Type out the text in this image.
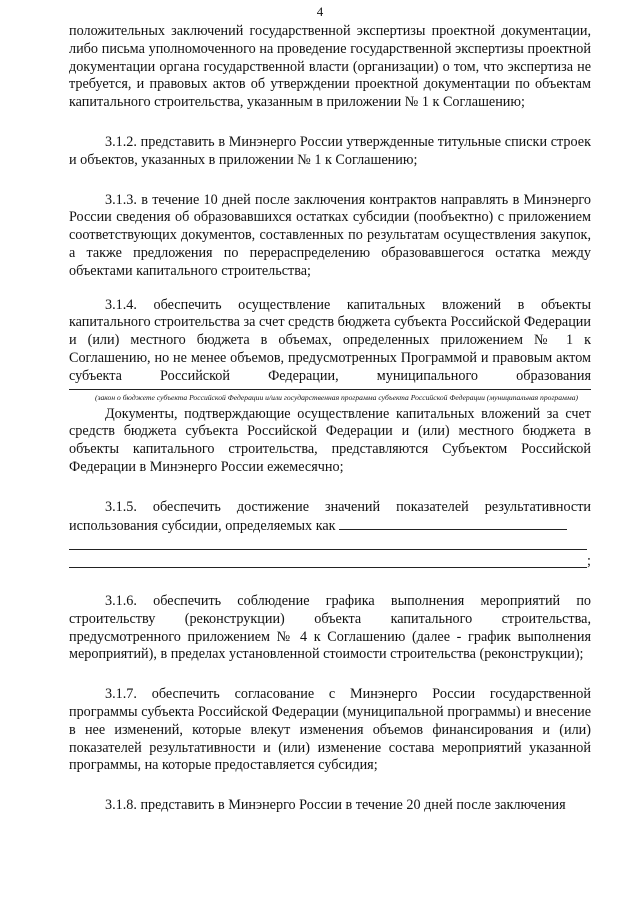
4

положительных заключений государственной экспертизы проектной документации, либо письма уполномоченного на проведение государственной экспертизы проектной документации органа государственной власти (организации) о том, что экспертиза не требуется, и правовых актов об утверждении проектной документации по объектам капитального строительства, указанным в приложении № 1 к Соглашению;

3.1.2. представить в Минэнерго России утвержденные титульные списки строек и объектов, указанных в приложении № 1 к Соглашению;

3.1.3. в течение 10 дней после заключения контрактов направлять в Минэнерго России сведения об образовавшихся остатках субсидии (пообъектно) с приложением соответствующих документов, составленных по результатам осуществления закупок, а также предложения по перераспределению образовавшегося остатка между объектами капитального строительства;

3.1.4. обеспечить осуществление капитальных вложений в объекты капитального строительства за счет средств бюджета субъекта Российской Федерации и (или) местного бюджета в объемах, определенных приложением № 1 к Соглашению, но не менее объемов, предусмотренных Программой и правовым актом субъекта Российской Федерации, муниципального образования

(закон о бюджете субъекта Российской Федерации и/или государственная программа субъекта Российской Федерации (муниципальная программа)

Документы, подтверждающие осуществление капитальных вложений за счет средств бюджета субъекта Российской Федерации и (или) местного бюджета в объекты капитального строительства, представляются Субъектом Российской Федерации в Минэнерго России ежемесячно;

3.1.5. обеспечить достижение значений показателей результативности использования субсидии, определяемых как

;

3.1.6. обеспечить соблюдение графика выполнения мероприятий по строительству (реконструкции) объекта капитального строительства, предусмотренного приложением № 4 к Соглашению (далее - график выполнения мероприятий), в пределах установленной стоимости строительства (реконструкции);

3.1.7. обеспечить согласование с Минэнерго России государственной программы субъекта Российской Федерации (муниципальной программы) и внесение в нее изменений, которые влекут изменения объемов финансирования и (или) показателей результативности и (или) изменение состава мероприятий указанной программы, на которые предоставляется субсидия;

3.1.8. представить в Минэнерго России в течение 20 дней после заключения
